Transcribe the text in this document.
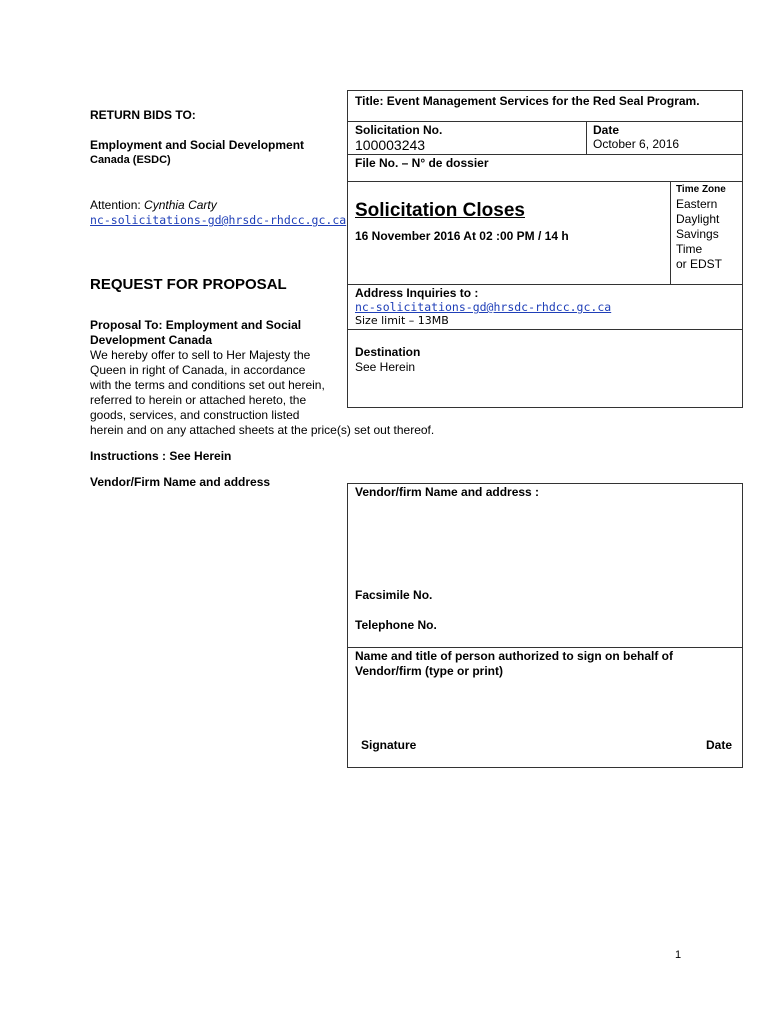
RETURN BIDS TO:
Employment and Social Development
Canada (ESDC)
Attention: Cynthia Carty
nc-solicitations-gd@hrsdc-rhdcc.gc.ca
REQUEST FOR PROPOSAL
Proposal To: Employment and Social
Development Canada
We hereby offer to sell to Her Majesty the
Queen in right of Canada, in accordance
with the terms and conditions set out herein,
referred to herein or attached hereto, the
goods, services, and construction listed
herein and on any attached sheets at the price(s) set out thereof.
Instructions : See Herein
Vendor/Firm Name and address
Title: Event Management Services for the Red Seal Program.
Solicitation No.
100003243
Date
October 6, 2016
File No. – N° de dossier
Solicitation Closes
16 November 2016 At 02 :00 PM / 14 h
Time Zone
Eastern
Daylight
Savings
Time
or EDST
Address Inquiries to :
nc-solicitations-gd@hrsdc-rhdcc.gc.ca
Size limit – 13MB
Destination
See Herein
Vendor/firm Name and address :
Facsimile No.
Telephone No.
Name and title of person authorized to sign on behalf of
Vendor/firm (type or print)
Signature	Date
1
